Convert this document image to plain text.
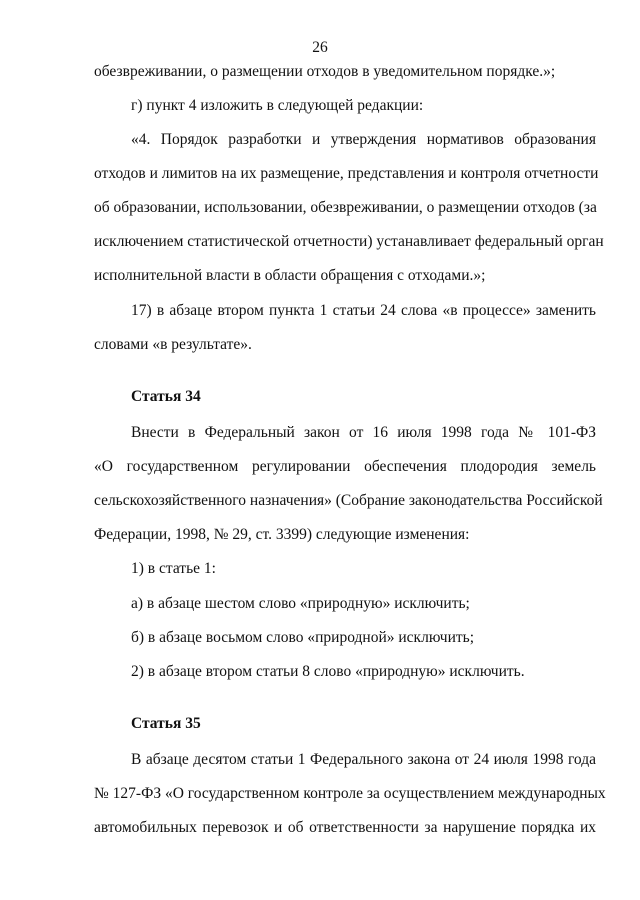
26
обезвреживании, о размещении отходов в уведомительном порядке.»;
г) пункт 4 изложить в следующей редакции:
«4. Порядок разработки и утверждения нормативов образования
отходов и лимитов на их размещение, представления и контроля отчетности
об образовании, использовании, обезвреживании, о размещении отходов (за
исключением статистической отчетности) устанавливает федеральный орган
исполнительной власти в области обращения с отходами.»;
17) в абзаце втором пункта 1 статьи 24 слова «в процессе» заменить
словами «в результате».
Статья 34
Внести в Федеральный закон от 16 июля 1998 года № 101-ФЗ
«О государственном регулировании обеспечения плодородия земель
сельскохозяйственного назначения» (Собрание законодательства Российской
Федерации, 1998, № 29, ст. 3399) следующие изменения:
1) в статье 1:
а) в абзаце шестом слово «природную» исключить;
б) в абзаце восьмом слово «природной» исключить;
2) в абзаце втором статьи 8 слово «природную» исключить.
Статья 35
В абзаце десятом статьи 1 Федерального закона от 24 июля 1998 года
№ 127-ФЗ «О государственном контроле за осуществлением международных
автомобильных перевозок и об ответственности за нарушение порядка их
